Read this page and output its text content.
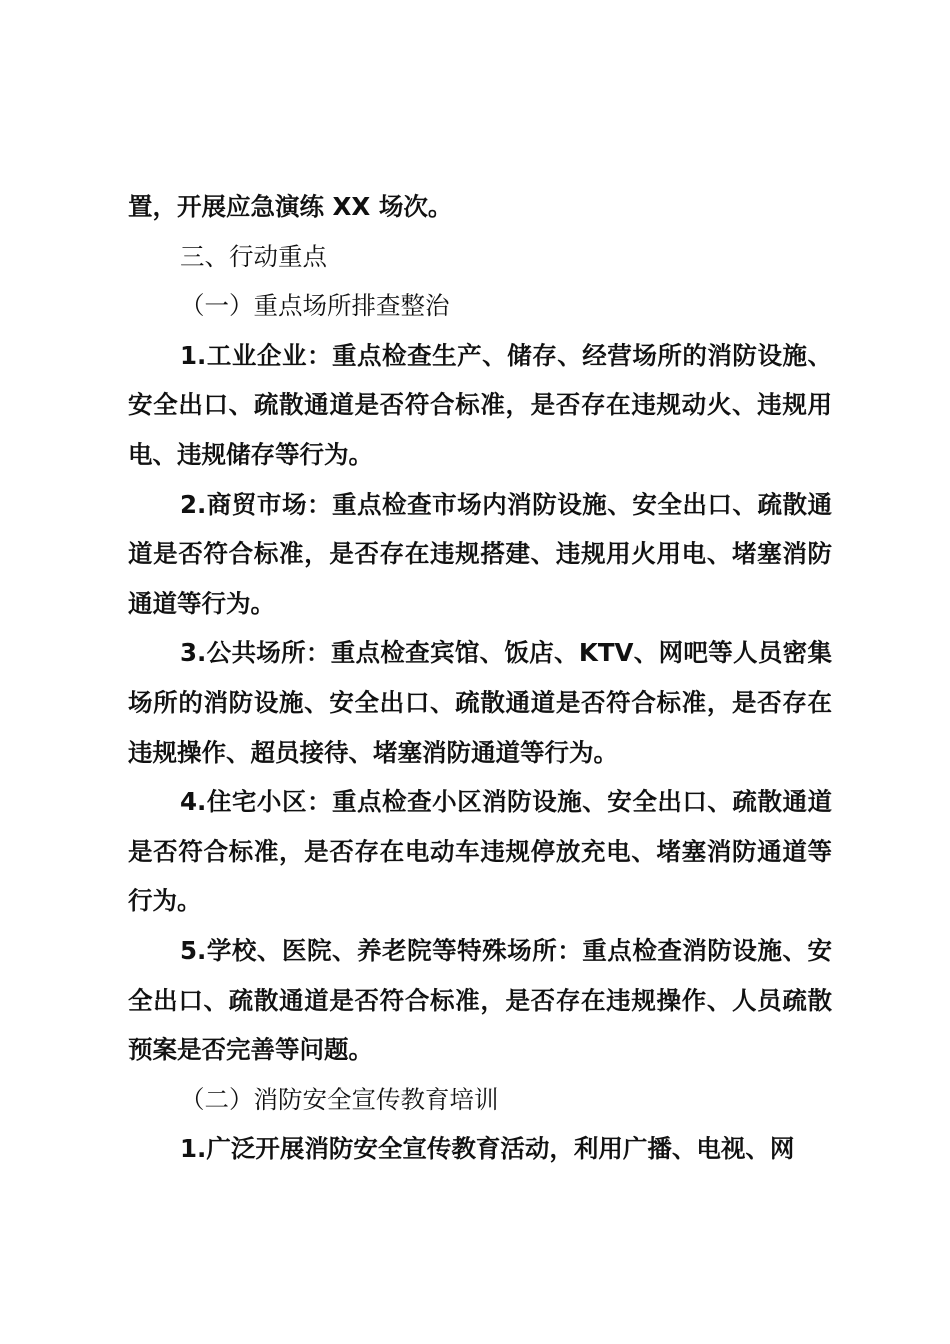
置，开展应急演练 XX 场次。

三、行动重点

（一）重点场所排查整治

1.工业企业：重点检查生产、储存、经营场所的消防设施、安全出口、疏散通道是否符合标准，是否存在违规动火、违规用电、违规储存等行为。

2.商贸市场：重点检查市场内消防设施、安全出口、疏散通道是否符合标准，是否存在违规搭建、违规用火用电、堵塞消防通道等行为。

3.公共场所：重点检查宾馆、饭店、KTV、网吧等人员密集场所的消防设施、安全出口、疏散通道是否符合标准，是否存在违规操作、超员接待、堵塞消防通道等行为。

4.住宅小区：重点检查小区消防设施、安全出口、疏散通道是否符合标准，是否存在电动车违规停放充电、堵塞消防通道等行为。

5.学校、医院、养老院等特殊场所：重点检查消防设施、安全出口、疏散通道是否符合标准，是否存在违规操作、人员疏散预案是否完善等问题。

（二）消防安全宣传教育培训

1.广泛开展消防安全宣传教育活动，利用广播、电视、网
